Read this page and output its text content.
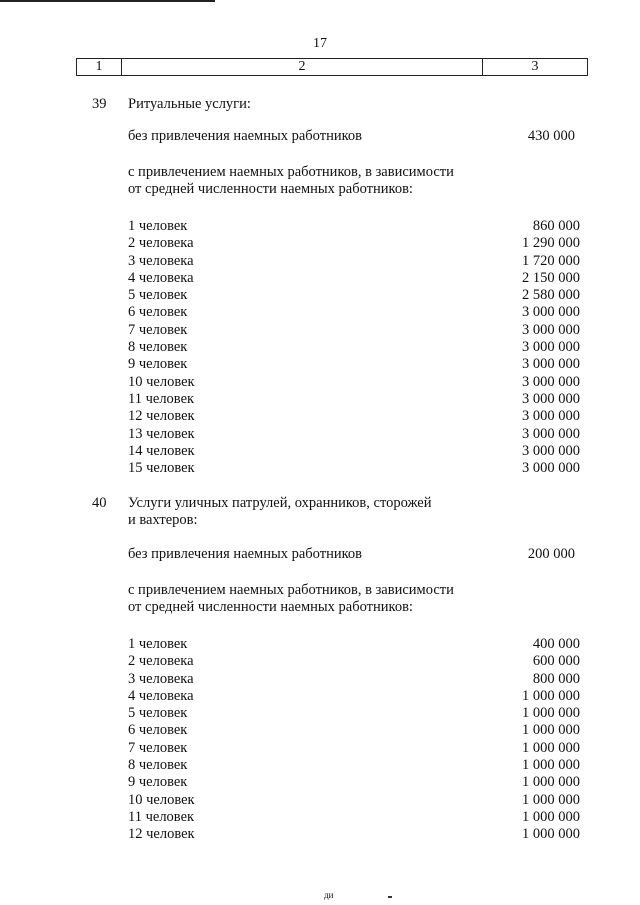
17
1	2	3
39 Ритуальные услуги:
без привлечения наемных работников	430 000
с привлечением наемных работников, в зависимости
от средней численности наемных работников:
1 человек	860 000
2 человека	1 290 000
3 человека	1 720 000
4 человека	2 150 000
5 человек	2 580 000
6 человек	3 000 000
7 человек	3 000 000
8 человек	3 000 000
9 человек	3 000 000
10 человек	3 000 000
11 человек	3 000 000
12 человек	3 000 000
13 человек	3 000 000
14 человек	3 000 000
15 человек	3 000 000
40 Услуги уличных патрулей, охранников, сторожей
и вахтеров:
без привлечения наемных работников	200 000
с привлечением наемных работников, в зависимости
от средней численности наемных работников:
1 человек	400 000
2 человека	600 000
3 человека	800 000
4 человека	1 000 000
5 человек	1 000 000
6 человек	1 000 000
7 человек	1 000 000
8 человек	1 000 000
9 человек	1 000 000
10 человек	1 000 000
11 человек	1 000 000
12 человек	1 000 000
ди
